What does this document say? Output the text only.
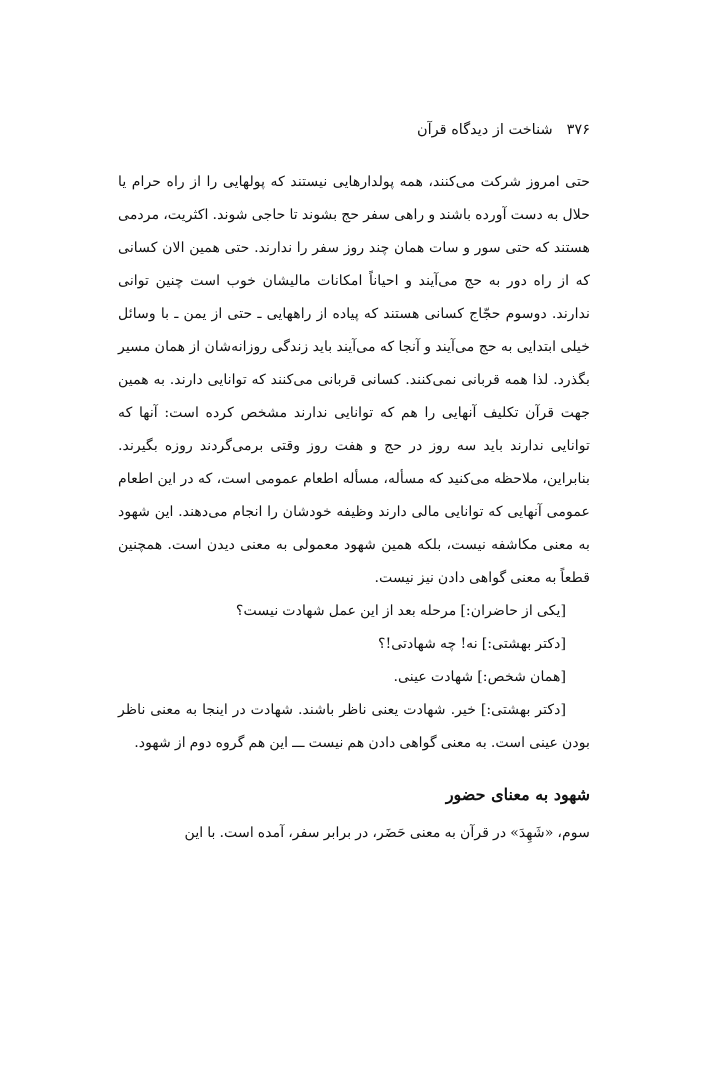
۳۷۶شناخت از دیدگاه قرآن

حتی امروز شرکت می‌کنند، همه پولدارهایی نیستند که پولهایی را از راه حرام یا حلال به دست آورده باشند و راهی سفر حج بشوند تا حاجی شوند. اکثریت، مردمی هستند که حتی سور و سات همان چند روز سفر را ندارند. حتی همین الان کسانی که از راه دور به حج می‌آیند و احیاناً امکانات مالیشان خوب است چنین توانی ندارند. دوسوم حجّاج کسانی هستند که پیاده از راههایی ـ حتی از یمن ـ با وسائل خیلی ابتدایی به حج می‌آیند و آنجا که می‌آیند باید زندگی روزانه‌شان از همان مسیر بگذرد. لذا همه قربانی نمی‌کنند. کسانی قربانی می‌کنند که توانایی دارند. به همین جهت قرآن تکلیف آنهایی را هم که توانایی ندارند مشخص کرده است: آنها که توانایی ندارند باید سه روز در حج و هفت روز وقتی برمی‌گردند روزه بگیرند. بنابراین، ملاحظه می‌کنید که مسأله، مسأله اطعام عمومی است، که در این اطعام عمومی آنهایی که توانایی مالی دارند وظیفه خودشان را انجام می‌دهند. این شهود به معنی مکاشفه نیست، بلکه همین شهود معمولی به معنی دیدن است. همچنین قطعاً به معنی گواهی دادن نیز نیست.

[یکی از حاضران:] مرحله بعد از این عمل شهادت نیست؟

[دکتر بهشتی:] نه! چه شهادتی!؟

[همان شخص:] شهادت عینی.

[دکتر بهشتی:] خیر. شهادت یعنی ناظر باشند. شهادت در اینجا به معنی ناظر بودن عینی است. به معنی گواهی دادن هم نیست ـــ این هم گروه دوم از شهود.

شهود به معنای حضور

سوم، «شَهِدَ» در قرآن به معنی حَضَر، در برابر سفر، آمده است. با این
